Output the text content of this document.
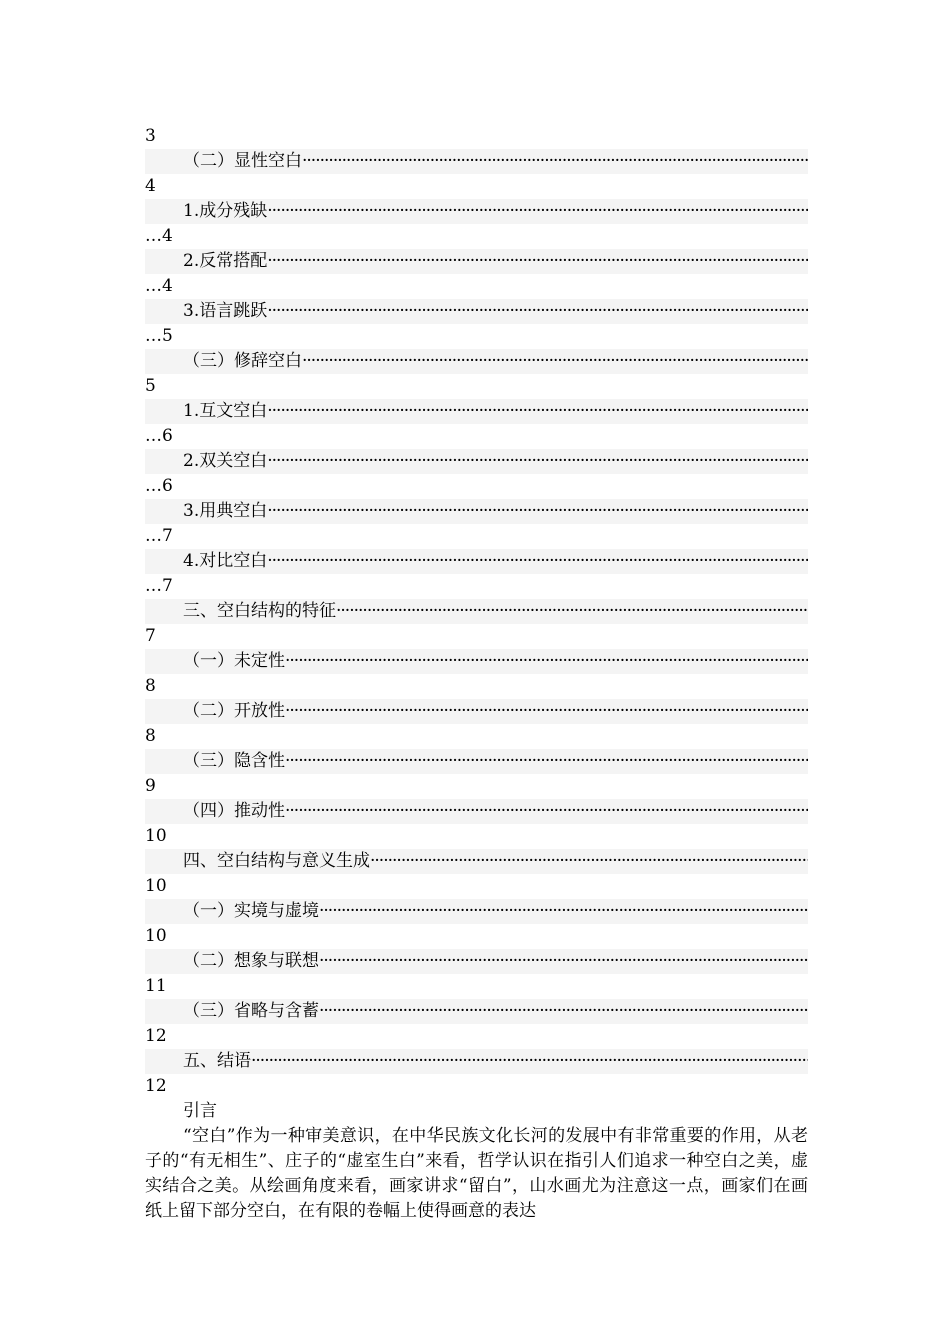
3
（二）显性空白
·····
4
1.成分残缺
·····
…4
2.反常搭配
·····
…4
3.语言跳跃
·····
…5
（三）修辞空白
·····
5
1.互文空白
·····
…6
2.双关空白
·····
…6
3.用典空白
·····
…7
4.对比空白
·····
…7
三、空白结构的特征
·····
7
（一）未定性
·····
8
（二）开放性
·····
8
（三）隐含性
·····
9
（四）推动性
·····
10
四、空白结构与意义生成
·····
10
（一）实境与虚境
·····
10
（二）想象与联想
·····
11
（三）省略与含蓄
·····
12
五、结语
·····
12
引言

“空白”作为一种审美意识，在中华民族文化长河的发展中有非常重要的作用，从老子的“有无相生”、庄子的“虚室生白”来看，哲学认识在指引人们追求一种空白之美，虚实结合之美。从绘画角度来看，画家讲求“留白”，山水画尤为注意这一点，画家们在画纸上留下部分空白，在有限的卷幅上使得画意的表达
